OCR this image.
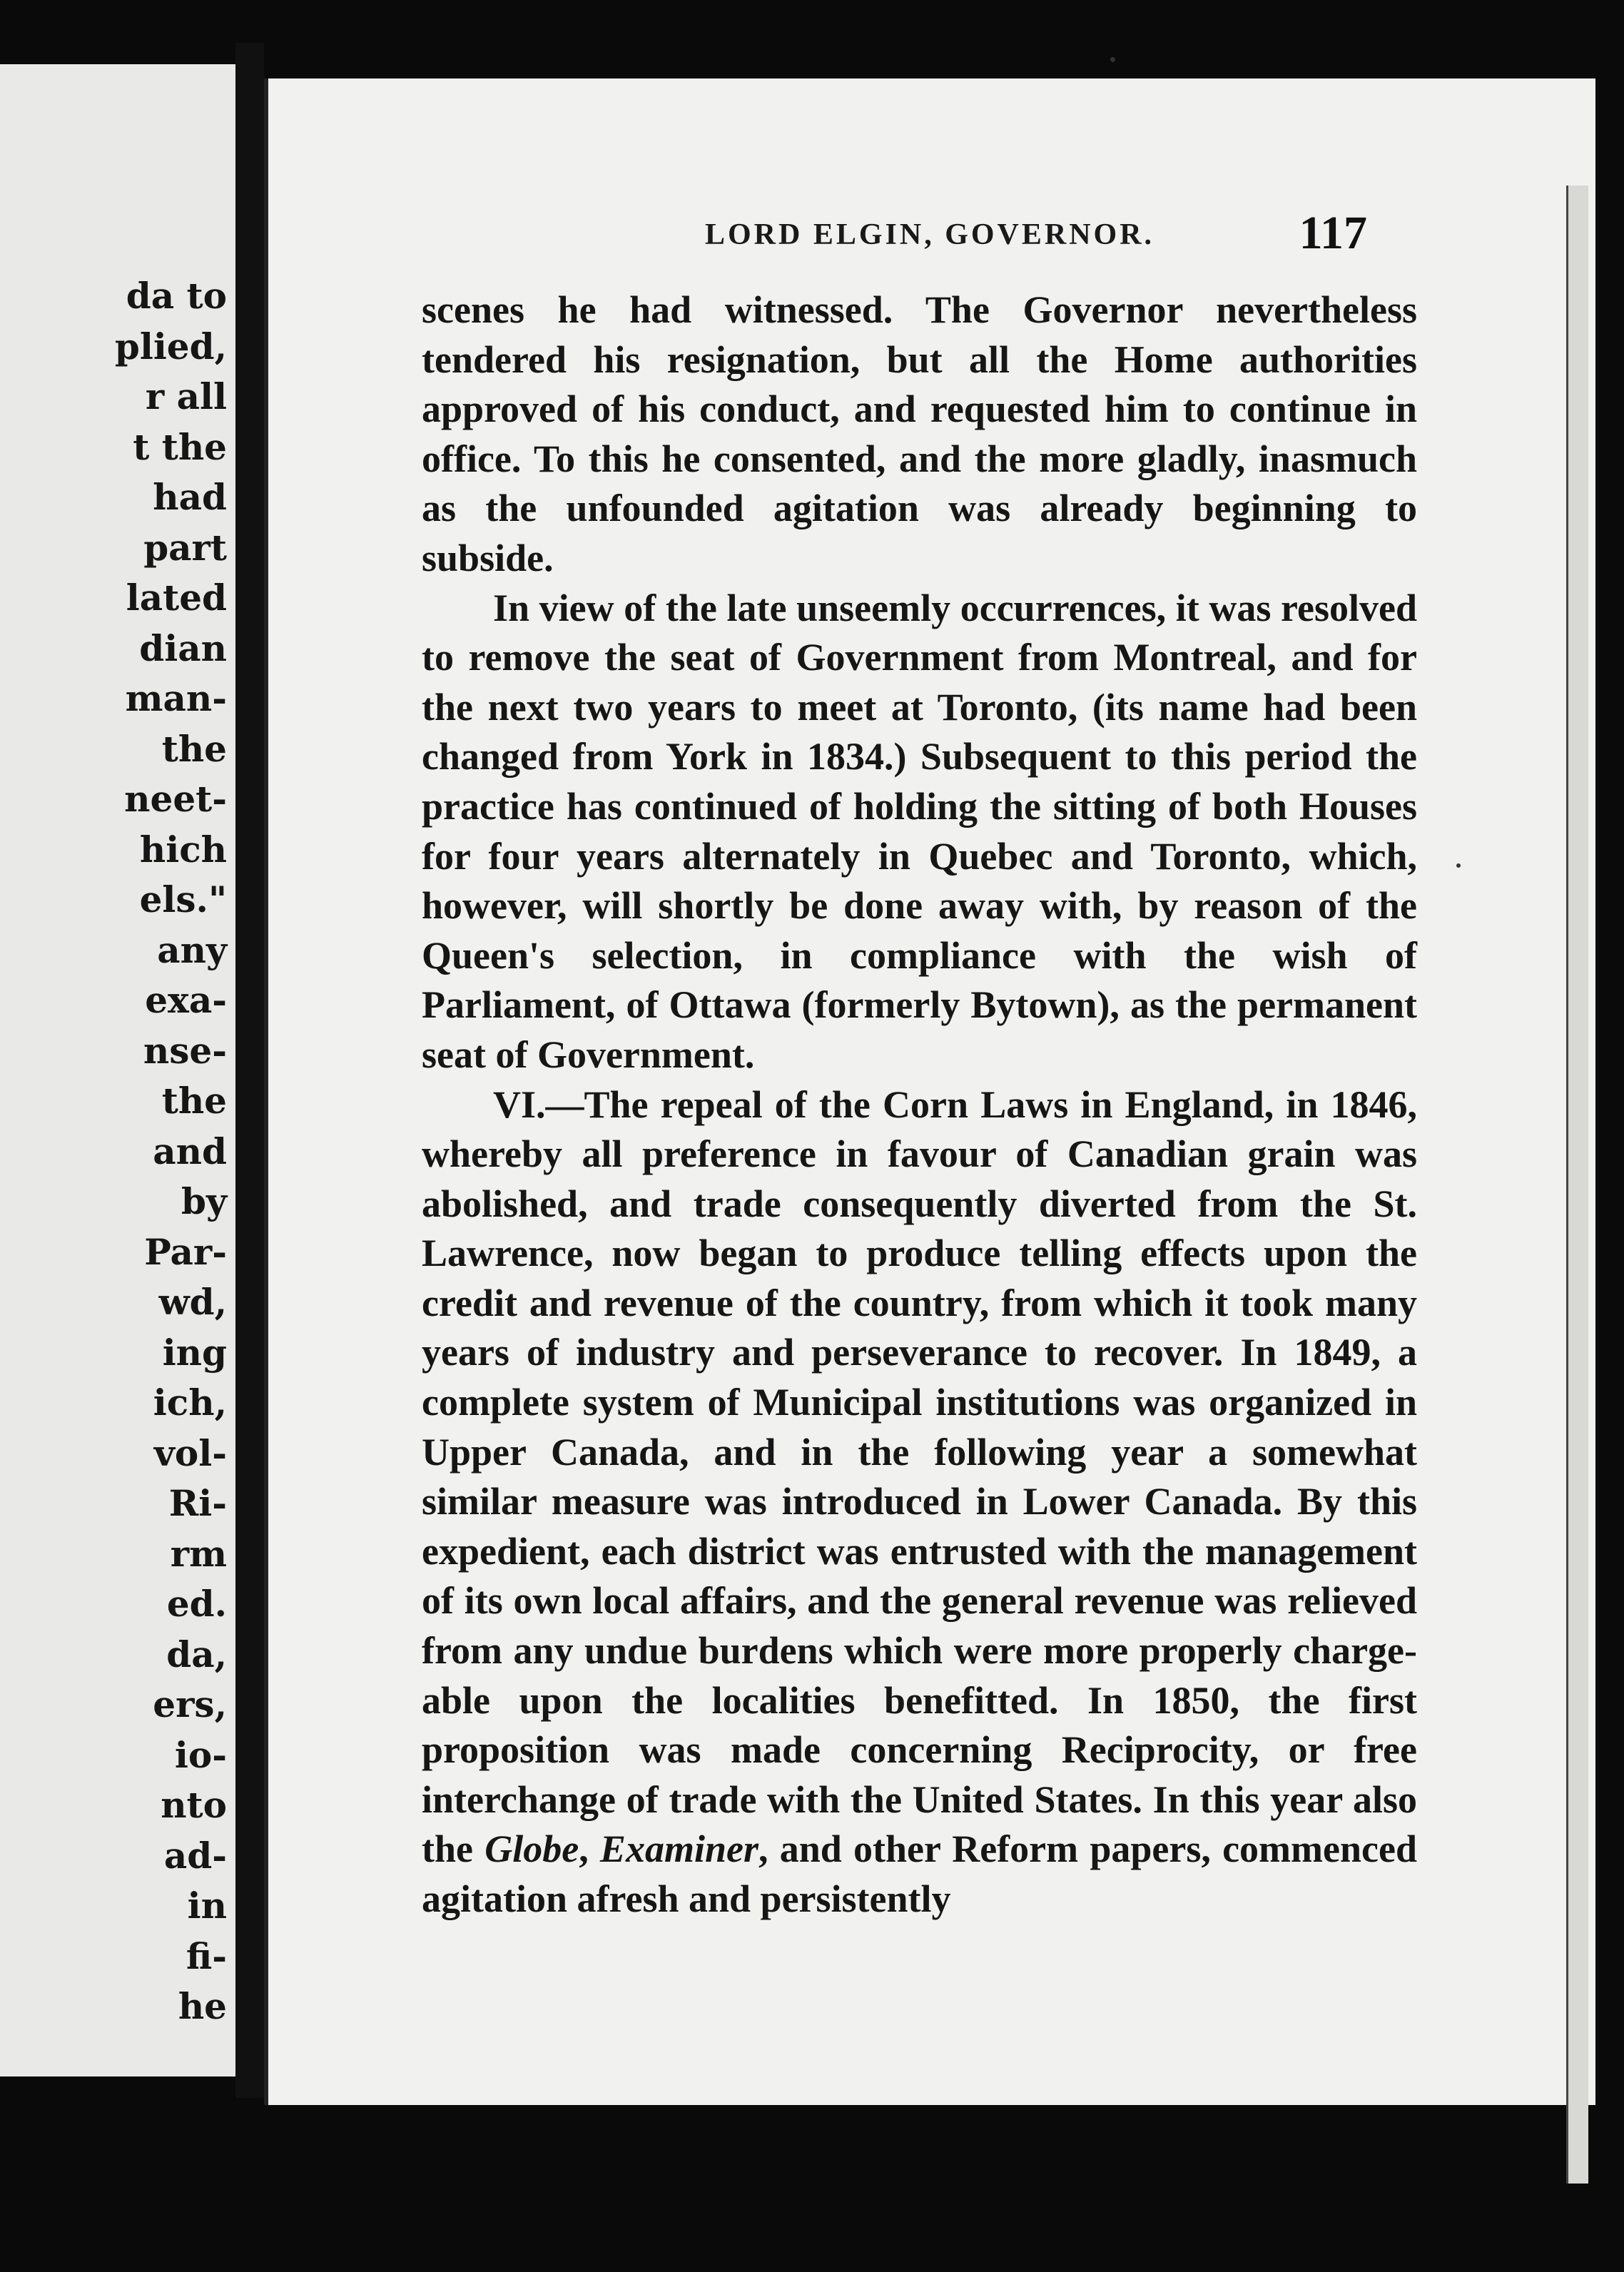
da to
plied,
r all
t the
had
part
lated
dian
man-
the
neet-
hich
els."
any
exa-
nse-
the
and
by
Par-
wd,
ing
ich,
vol-
Ri-
rm
ed.
da,
ers,
io-
nto
ad-
in
fi-
he
LORD ELGIN, GOVERNOR.	117

scenes he had witnessed. The Governor nevertheless tendered his resignation, but all the Home authorities approved of his conduct, and requested him to continue in office. To this he consented, and the more gladly, inasmuch as the unfounded agitation was already beginning to subside.

In view of the late unseemly occurrences, it was resolved to remove the seat of Government from Montreal, and for the next two years to meet at Toronto, (its name had been changed from York in 1834.) Subsequent to this period the practice has continued of holding the sitting of both Houses for four years alternately in Quebec and Toronto, which, however, will shortly be done away with, by reason of the Queen's selection, in compliance with the wish of Parliament, of Ottawa (formerly Bytown), as the permanent seat of Government.

VI.—The repeal of the Corn Laws in England, in 1846, whereby all preference in favour of Canadian grain was abolished, and trade consequently diverted from the St. Lawrence, now began to produce telling effects upon the credit and revenue of the country, from which it took many years of industry and perseverance to recover. In 1849, a complete system of Municipal institutions was organized in Upper Canada, and in the following year a somewhat similar measure was introduced in Lower Canada. By this expedient, each district was entrusted with the management of its own local affairs, and the general revenue was relieved from any undue burdens which were more properly chargeable upon the localities benefitted. In 1850, the first proposition was made concerning Reciprocity, or free interchange of trade with the United States. In this year also the Globe, Examiner, and other Reform papers, commenced agitation afresh and persistently
